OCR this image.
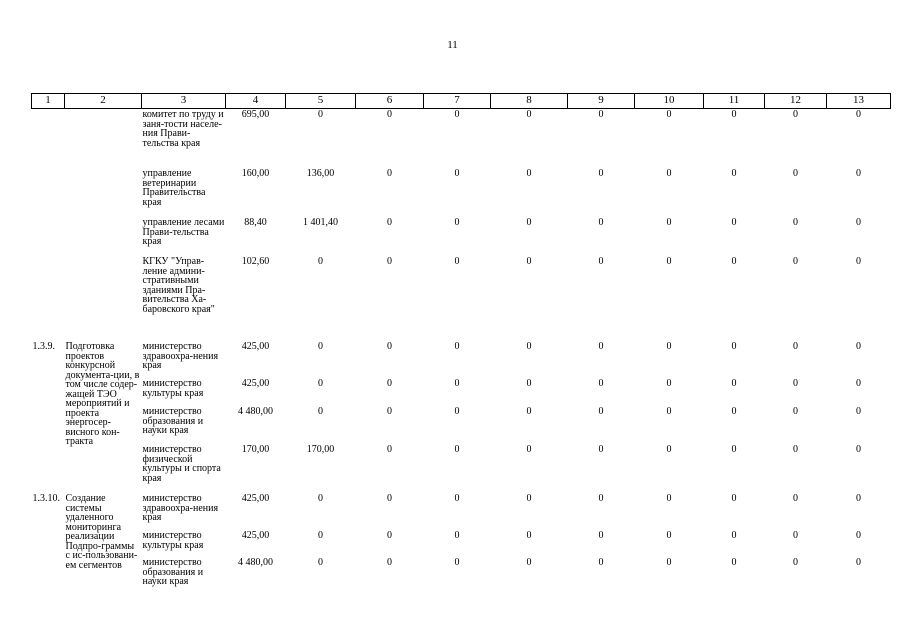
11
1	2	3	4	5	6	7	8	9	10	11	12	13
		комитет по труду и заня-тости населе-ния Прави-тельства края	695,00	0	0	0	0	0	0	0	0	0
		управление ветеринарии Правительства края	160,00	136,00	0	0	0	0	0	0	0	0
		управление лесами Прави-тельства края	88,40	1 401,40	0	0	0	0	0	0	0	0
		КГКУ "Управ-ление админи-стративными зданиями Пра-вительства Ха-баровского края"	102,60	0	0	0	0	0	0	0	0	0
1.3.9.	Подготовка проектов конкурсной документа-ции, в том числе содер-жащей ТЭО мероприятий и проекта энергосер-висного кон-тракта	министерство здравоохра-нения края	425,00	0	0	0	0	0	0	0	0	0
		министерство культуры края	425,00	0	0	0	0	0	0	0	0	0
		министерство образования и науки края	4 480,00	0	0	0	0	0	0	0	0	0
		министерство физической культуры и спорта края	170,00	170,00	0	0	0	0	0	0	0	0
1.3.10.	Создание системы удаленного мониторинга реализации Подпро-граммы с ис-пользовани-ем сегментов	министерство здравоохра-нения края	425,00	0	0	0	0	0	0	0	0	0
		министерство культуры края	425,00	0	0	0	0	0	0	0	0	0
		министерство образования и науки края	4 480,00	0	0	0	0	0	0	0	0	0
